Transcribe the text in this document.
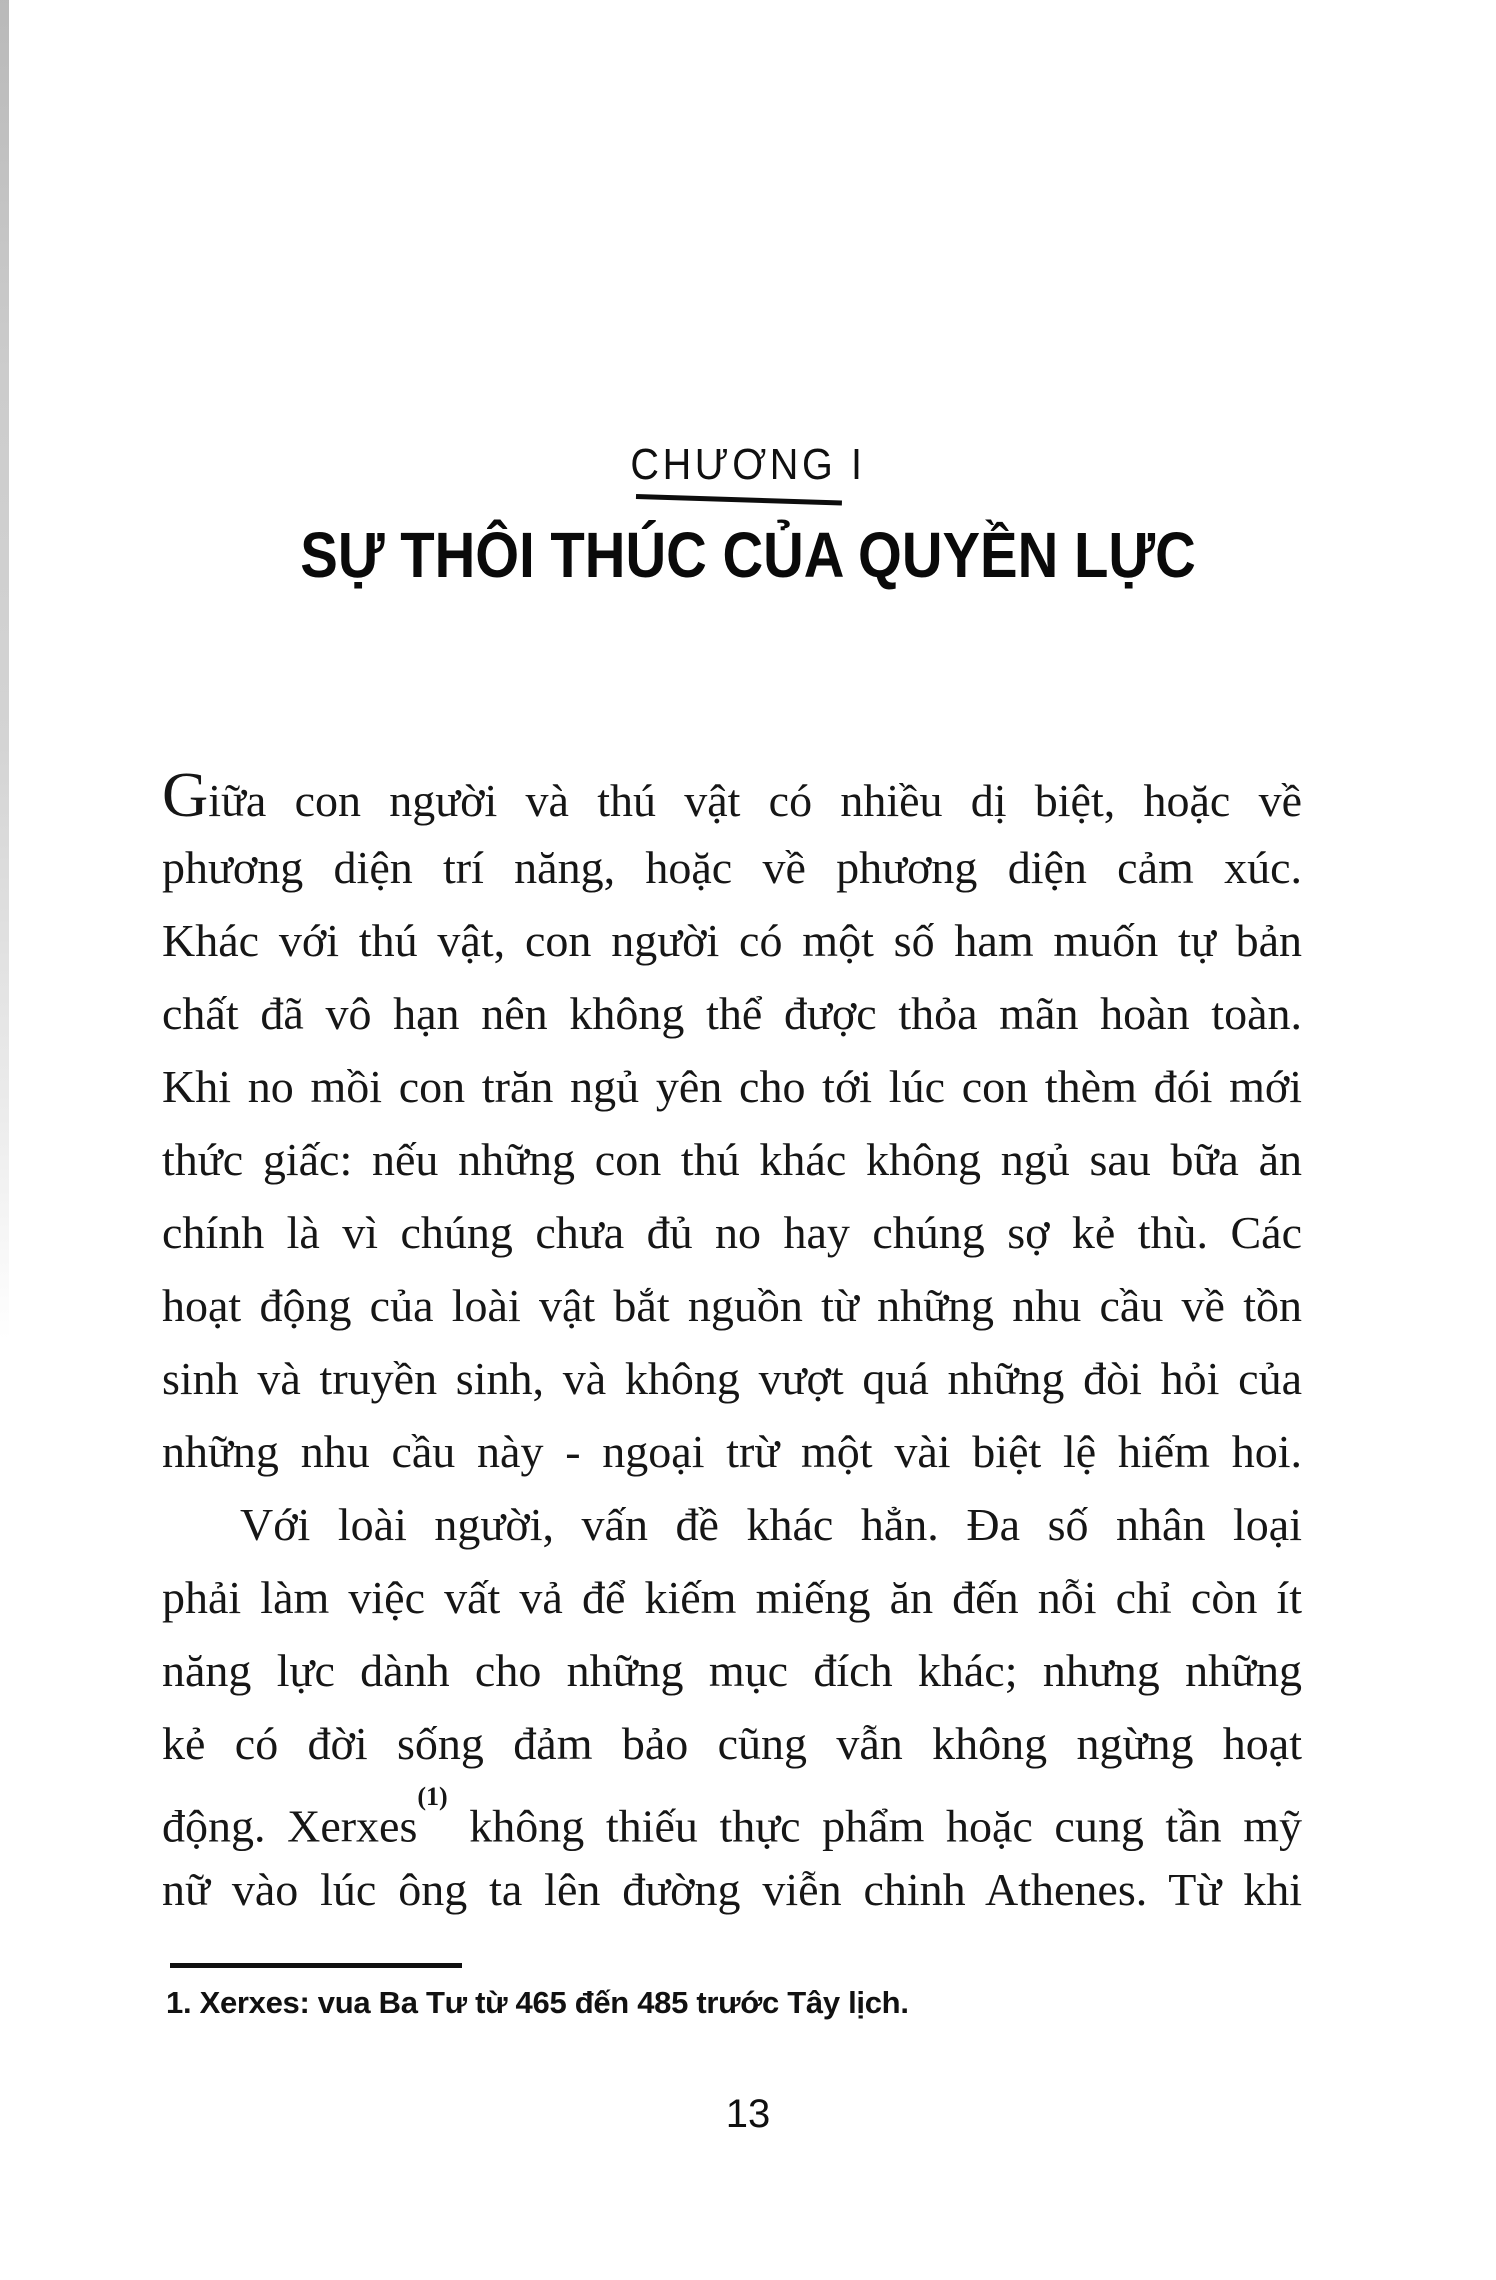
CHƯƠNG I
SỰ THÔI THÚC CỦA QUYỀN LỰC
Giữa con người và thú vật có nhiều dị biệt, hoặc về
phương diện trí năng, hoặc về phương diện cảm xúc.
Khác với thú vật, con người có một số ham muốn tự bản
chất đã vô hạn nên không thể được thỏa mãn hoàn toàn.
Khi no mồi con trăn ngủ yên cho tới lúc con thèm đói mới
thức giấc: nếu những con thú khác không ngủ sau bữa ăn
chính là vì chúng chưa đủ no hay chúng sợ kẻ thù. Các
hoạt động của loài vật bắt nguồn từ những nhu cầu về tồn
sinh và truyền sinh, và không vượt quá những đòi hỏi của
những nhu cầu này - ngoại trừ một vài biệt lệ hiếm hoi.
Với loài người, vấn đề khác hẳn. Đa số nhân loại
phải làm việc vất vả để kiếm miếng ăn đến nỗi chỉ còn ít
năng lực dành cho những mục đích khác; nhưng những
kẻ có đời sống đảm bảo cũng vẫn không ngừng hoạt
động. Xerxes$^{(1)}$ không thiếu thực phẩm hoặc cung tần mỹ
nữ vào lúc ông ta lên đường viễn chinh Athenes. Từ khi
1. Xerxes: vua Ba Tư từ 465 đến 485 trước Tây lịch.
13
